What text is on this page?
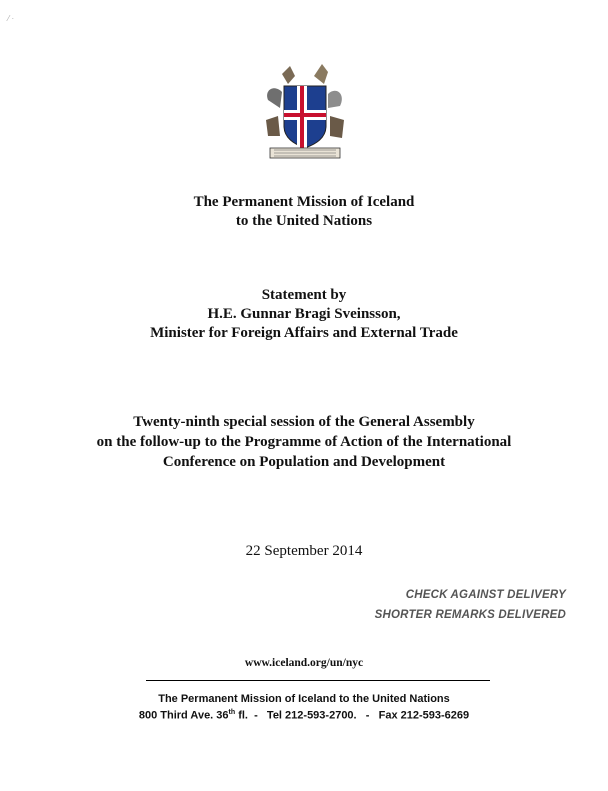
⁄ ·
The Permanent Mission of Iceland
to the United Nations
Statement by
H.E. Gunnar Bragi Sveinsson,
Minister for Foreign Affairs and External Trade
Twenty-ninth special session of the General Assembly
on the follow-up to the Programme of Action of the International
Conference on Population and Development
22 September 2014
CHECK AGAINST DELIVERY
SHORTER REMARKS DELIVERED
www.iceland.org/un/nyc
The Permanent Mission of Iceland to the United Nations
800 Third Ave. 36th fl.  -   Tel 212-593-2700.   -   Fax 212-593-6269
